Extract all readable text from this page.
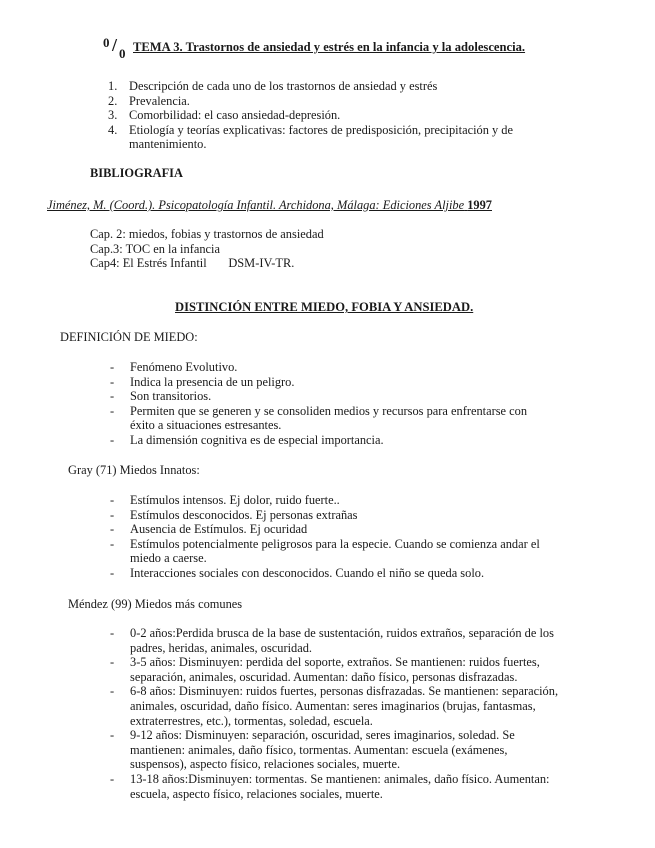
0 / 0 TEMA 3. Trastornos de ansiedad y estrés en la infancia y la adolescencia.
1. Descripción de cada uno de los trastornos de ansiedad y estrés
2. Prevalencia.
3. Comorbilidad: el caso ansiedad-depresión.
4. Etiología y teorías explicativas: factores de predisposición, precipitación y de mantenimiento.
BIBLIOGRAFIA
Jiménez, M. (Coord.). Psicopatología Infantil. Archidona, Málaga: Ediciones Aljibe 1997
Cap. 2: miedos, fobias y trastornos de ansiedad
Cap.3: TOC en la infancia
Cap4: El Estrés Infantil       DSM-IV-TR.
DISTINCIÓN ENTRE MIEDO, FOBIA Y ANSIEDAD.
DEFINICIÓN DE MIEDO:
- Fenómeno Evolutivo.
- Indica la presencia de un peligro.
- Son transitorios.
- Permiten que se generen y se consoliden medios y recursos para enfrentarse con éxito a situaciones estresantes.
- La dimensión cognitiva es de especial importancia.
Gray (71) Miedos Innatos:
- Estímulos intensos. Ej dolor, ruido fuerte..
- Estímulos desconocidos. Ej personas extrañas
- Ausencia de Estímulos. Ej ocuridad
- Estímulos potencialmente peligrosos para la especie. Cuando se comienza andar el miedo a caerse.
- Interacciones sociales con desconocidos. Cuando el niño se queda solo.
Méndez (99) Miedos más comunes
- 0-2 años:Perdida brusca de la base de sustentación, ruidos extraños, separación de los padres, heridas, animales, oscuridad.
- 3-5 años: Disminuyen: perdida del soporte, extraños. Se mantienen: ruidos fuertes, separación, animales, oscuridad. Aumentan: daño físico, personas disfrazadas.
- 6-8 años: Disminuyen: ruidos fuertes, personas disfrazadas. Se mantienen: separación, animales, oscuridad, daño físico. Aumentan: seres imaginarios (brujas, fantasmas, extraterrestres, etc.), tormentas, soledad, escuela.
- 9-12 años: Disminuyen: separación, oscuridad, seres imaginarios, soledad. Se mantienen: animales, daño físico, tormentas. Aumentan: escuela (exámenes, suspensos), aspecto físico, relaciones sociales, muerte.
- 13-18 años:Disminuyen: tormentas. Se mantienen: animales, daño físico. Aumentan: escuela, aspecto físico, relaciones sociales, muerte.
